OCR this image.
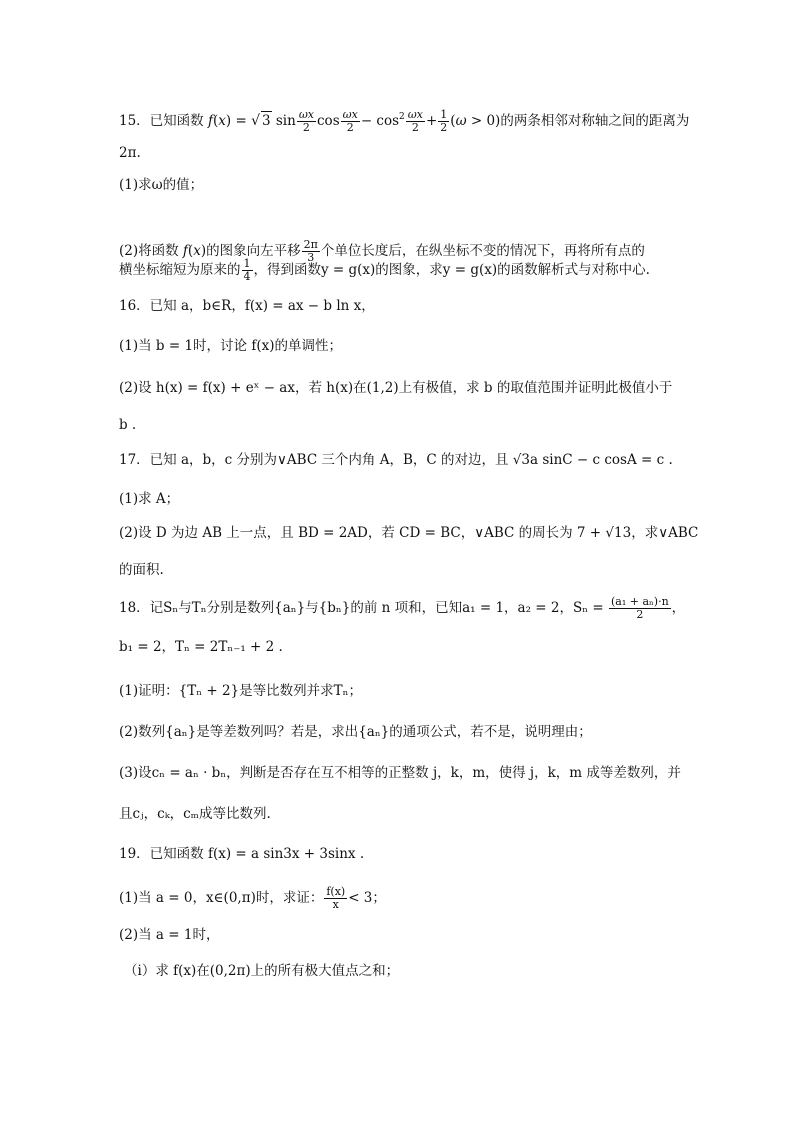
15．已知函数 f(x) = √ 3 $\sin \frac{\omega x}{2}$ $\cos \frac{\omega x}{2} - \cos^2 \frac{\omega x}{2} + \frac{1}{2} (\omega > 0)$的两条相邻对称轴之间的距离为
2π.
(1)求ω的值；
(2)将函数 f(x)的图象向左平移 $\frac{2\pi}{3}$ 个单位长度后，在纵坐标不变的情况下，再将所有点的
横坐标缩短为原来的 $\frac{1}{4}$ ，得到函数y = g(x)的图象，求y = g(x)的函数解析式与对称中心.
16．已知 a，b∈R，f(x) = ax − b ln x，
(1)当 b = 1时，讨论 f(x)的单调性；
(2)设 h(x) = f(x) + eˣ − ax，若 h(x)在(1,2)上有极值，求 b 的取值范围并证明此极值小于
b .
17．已知 a，b，c 分别为∨ABC 三个内角 A，B，C 的对边，且 √3a sinC − c cosA = c .
(1)求 A；
(2)设 D 为边 AB 上一点，且 BD = 2AD，若 CD = BC，∨ABC 的周长为 7 + √13，求∨ABC
的面积.
18．记Sₙ与Tₙ分别是数列{aₙ}与{bₙ}的前 n 项和，已知a₁ = 1，a₂ = 2，$S_n = \frac{\text{(a₁ + aₙ)·n}}{2}$ ，
b₁ = 2，Tₙ = 2Tₙ₋₁ + 2 .
(1)证明：{Tₙ + 2}是等比数列并求Tₙ；
(2)数列{aₙ}是等差数列吗？若是，求出{aₙ}的通项公式，若不是，说明理由；
(3)设cₙ = aₙ · bₙ，判断是否存在互不相等的正整数 j，k，m，使得 j，k，m 成等差数列，并
且cⱼ，cₖ，cₘ成等比数列.
19．已知函数 f(x) = a sin3x + 3sinx .
(1)当 a = 0，x∈(0,π)时，求证： $\frac{f(x)}{x} < 3$；
(2)当 a = 1时，
（ⅰ）求 f(x)在(0,2π)上的所有极大值点之和；
